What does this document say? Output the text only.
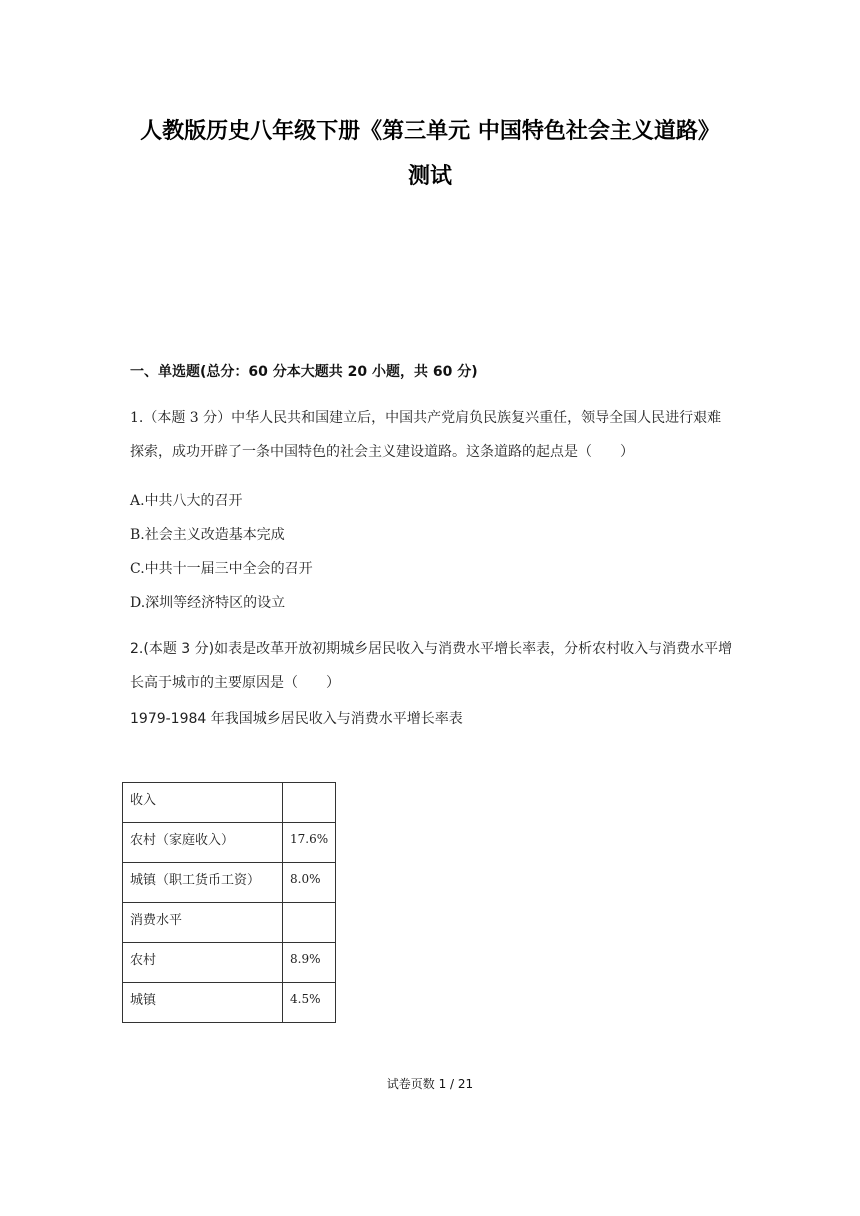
人教版历史八年级下册《第三单元 中国特色社会主义道路》
测试
一、单选题(总分：60 分本大题共 20 小题，共 60 分)

1.（本题 3 分）中华人民共和国建立后，中国共产党肩负民族复兴重任，领导全国人民进行艰难探索，成功开辟了一条中国特色的社会主义建设道路。这条道路的起点是（　　）

A.中共八大的召开
B.社会主义改造基本完成
C.中共十一届三中全会的召开
D.深圳等经济特区的设立

2.(本题 3 分)如表是改革开放初期城乡居民收入与消费水平增长率表，分析农村收入与消费水平增长高于城市的主要原因是（　　）

1979-1984 年我国城乡居民收入与消费水平增长率表
收入	
农村（家庭收入）	17.6%
城镇（职工货币工资）	8.0%
消费水平	
农村	8.9%
城镇	4.5%
试卷页数 1 / 21
